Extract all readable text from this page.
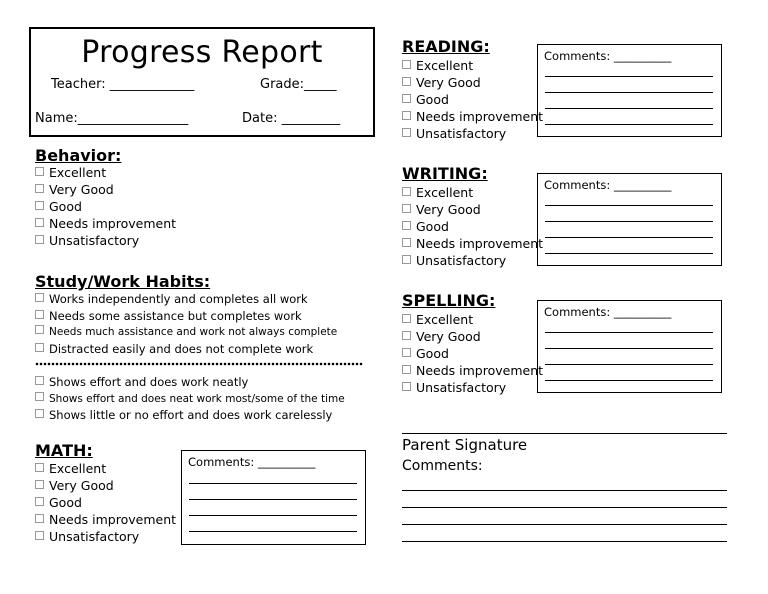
Progress Report
Teacher: _____________	Grade:_____
Name:_________________	Date: _________
Behavior:
Excellent
Very Good
Good
Needs improvement
Unsatisfactory
Study/Work Habits:
Works independently and completes all work
Needs some assistance but completes work
Needs much assistance and work not always complete
Distracted easily and does not complete work
Shows effort and does work neatly
Shows effort and does neat work most/some of the time
Shows little or no effort and does work carelessly
MATH:
Excellent
Very Good
Good
Needs improvement
Unsatisfactory
Comments: __________
READING:
Excellent
Very Good
Good
Needs improvement
Unsatisfactory
Comments: __________
WRITING:
Excellent
Very Good
Good
Needs improvement
Unsatisfactory
Comments: __________
SPELLING:
Excellent
Very Good
Good
Needs improvement
Unsatisfactory
Comments: __________
Parent Signature
Comments:
